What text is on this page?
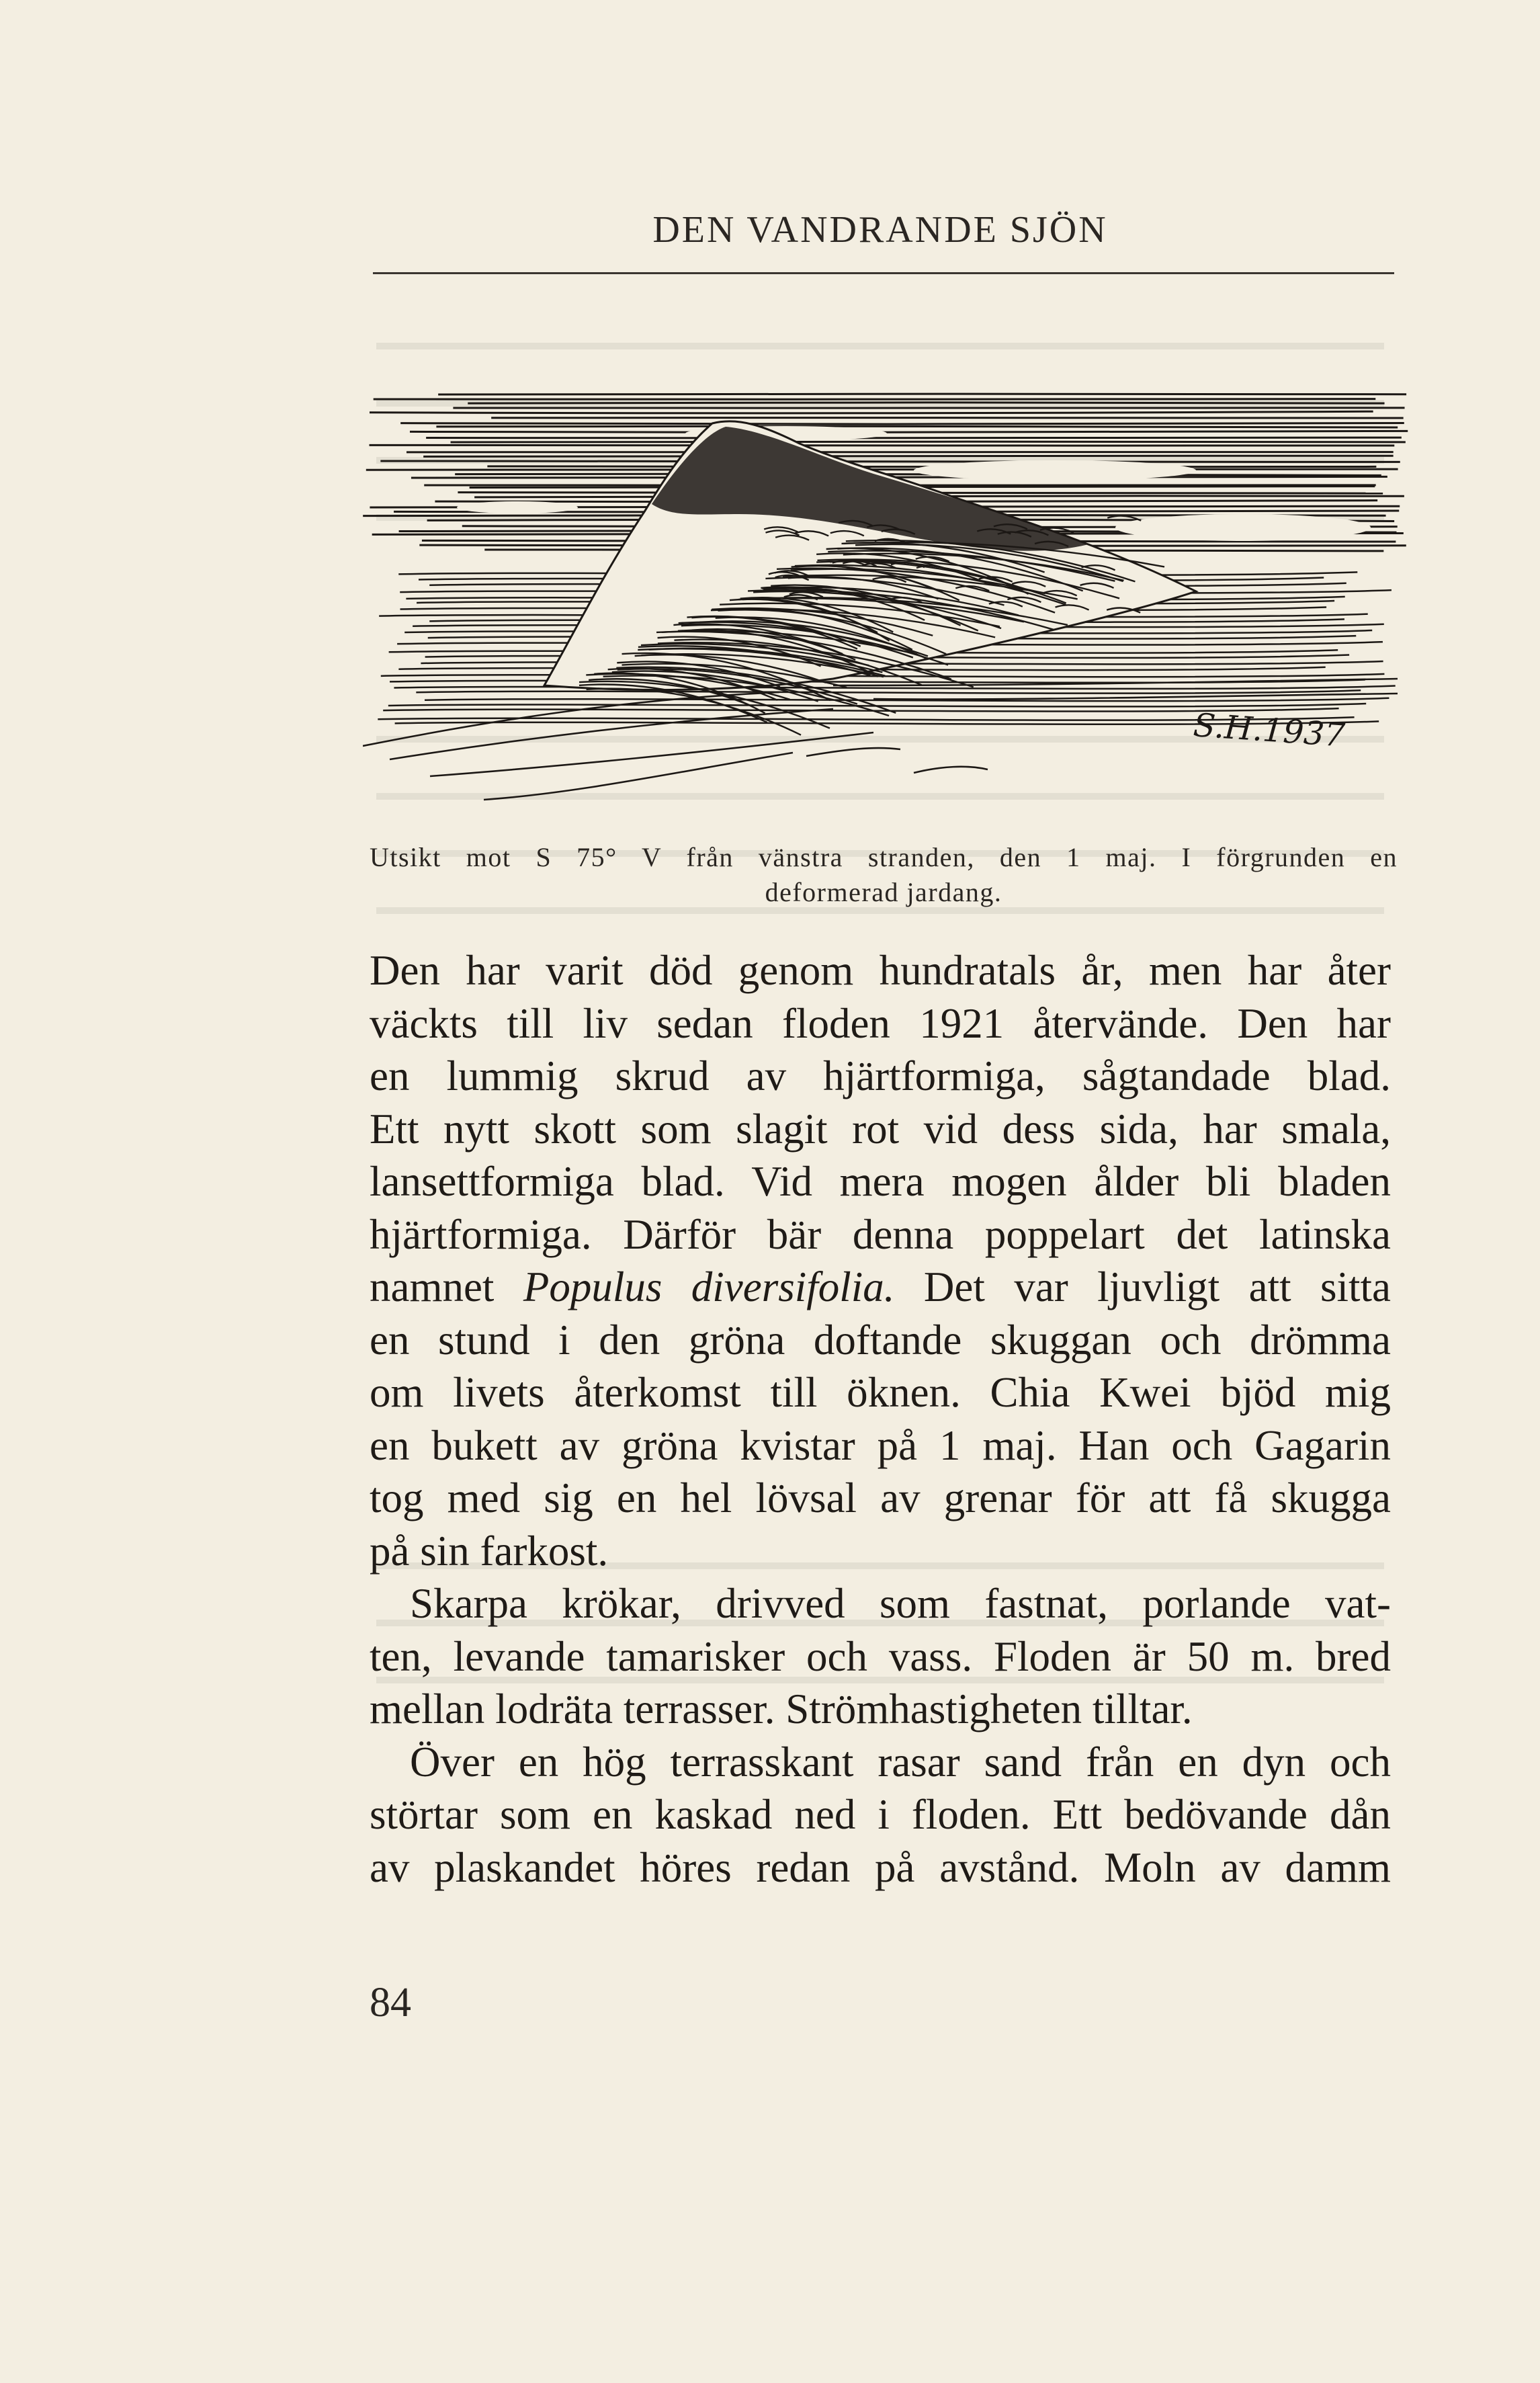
DEN VANDRANDE SJÖN
S.H.1937
Utsikt mot S 75° V från vänstra stranden, den 1 maj. I förgrunden en
deformerad jardang.
Den har varit död genom hundratals år, men har åter
väckts till liv sedan floden 1921 återvände. Den har
en lummig skrud av hjärtformiga, sågtandade blad.
Ett nytt skott som slagit rot vid dess sida, har smala,
lansettformiga blad. Vid mera mogen ålder bli bladen
hjärtformiga. Därför bär denna poppelart det latinska
namnet Populus diversifolia. Det var ljuvligt att sitta
en stund i den gröna doftande skuggan och drömma
om livets återkomst till öknen. Chia Kwei bjöd mig
en bukett av gröna kvistar på 1 maj. Han och Gagarin
tog med sig en hel lövsal av grenar för att få skugga
på sin farkost.
Skarpa krökar, drivved som fastnat, porlande vat-
ten, levande tamarisker och vass. Floden är 50 m. bred
mellan lodräta terrasser. Strömhastigheten tilltar.
Över en hög terrasskant rasar sand från en dyn och
störtar som en kaskad ned i floden. Ett bedövande dån
av plaskandet höres redan på avstånd. Moln av damm
84
